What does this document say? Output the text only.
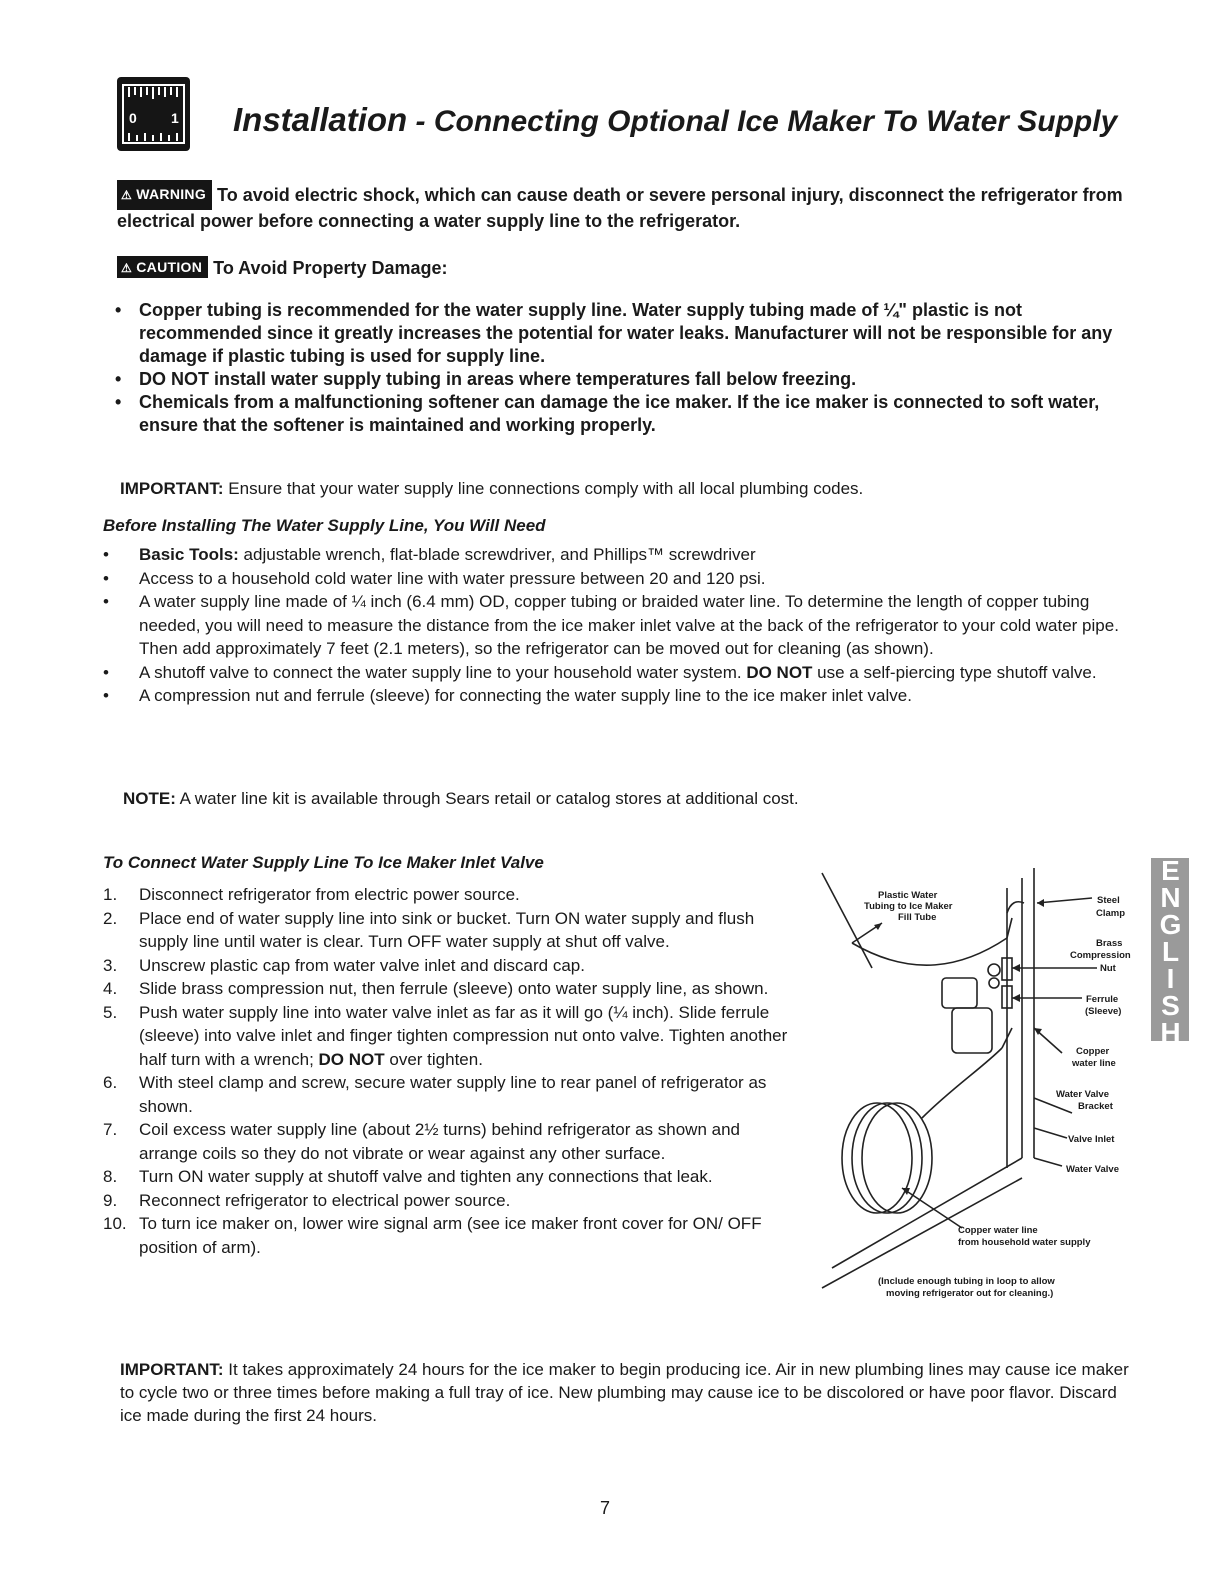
0 1 Installation - Connecting Optional Ice Maker To Water Supply
⚠ WARNING To avoid electric shock, which can cause death or severe personal injury, disconnect the refrigerator from electrical power before connecting a water supply line to the refrigerator.
⚠ CAUTION To Avoid Property Damage:
• Copper tubing is recommended for the water supply line. Water supply tubing made of ¼" plastic is not recommended since it greatly increases the potential for water leaks. Manufacturer will not be responsible for any damage if plastic tubing is used for supply line.
• DO NOT install water supply tubing in areas where temperatures fall below freezing.
• Chemicals from a malfunctioning softener can damage the ice maker. If the ice maker is connected to soft water, ensure that the softener is maintained and working properly.
IMPORTANT: Ensure that your water supply line connections comply with all local plumbing codes.
Before Installing The Water Supply Line, You Will Need
• Basic Tools: adjustable wrench, flat-blade screwdriver, and Phillips™ screwdriver
• Access to a household cold water line with water pressure between 20 and 120 psi.
• A water supply line made of ¼ inch (6.4 mm) OD, copper tubing or braided water line. To determine the length of copper tubing needed, you will need to measure the distance from the ice maker inlet valve at the back of the refrigerator to your cold water pipe. Then add approximately 7 feet (2.1 meters), so the refrigerator can be moved out for cleaning (as shown).
• A shutoff valve to connect the water supply line to your household water system. DO NOT use a self-piercing type shutoff valve.
• A compression nut and ferrule (sleeve) for connecting the water supply line to the ice maker inlet valve.
NOTE: A water line kit is available through Sears retail or catalog stores at additional cost.
To Connect Water Supply Line To Ice Maker Inlet Valve
1. Disconnect refrigerator from electric power source.
2. Place end of water supply line into sink or bucket. Turn ON water supply and flush supply line until water is clear. Turn OFF water supply at shut off valve.
3. Unscrew plastic cap from water valve inlet and discard cap.
4. Slide brass compression nut, then ferrule (sleeve) onto water supply line, as shown.
5. Push water supply line into water valve inlet as far as it will go (¼ inch). Slide ferrule (sleeve) into valve inlet and finger tighten compression nut onto valve. Tighten another half turn with a wrench; DO NOT over tighten.
6. With steel clamp and screw, secure water supply line to rear panel of refrigerator as shown.
7. Coil excess water supply line (about 2½ turns) behind refrigerator as shown and arrange coils so they do not vibrate or wear against any other surface.
8. Turn ON water supply at shutoff valve and tighten any connections that leak.
9. Reconnect refrigerator to electrical power source.
10. To turn ice maker on, lower wire signal arm (see ice maker front cover for ON/ OFF position of arm).
Plastic Water
Tubing to Ice Maker
Fill Tube
Steel
Clamp
Brass
Compression
Nut
Ferrule
(Sleeve)
Copper
water line
Water Valve
Bracket
Valve Inlet
Water Valve
Copper water line
from household water supply
(Include enough tubing in loop to allow
moving refrigerator out for cleaning.)
ENGLISH
IMPORTANT: It takes approximately 24 hours for the ice maker to begin producing ice. Air in new plumbing lines may cause ice maker to cycle two or three times before making a full tray of ice. New plumbing may cause ice to be discolored or have poor flavor. Discard ice made during the first 24 hours.
7
